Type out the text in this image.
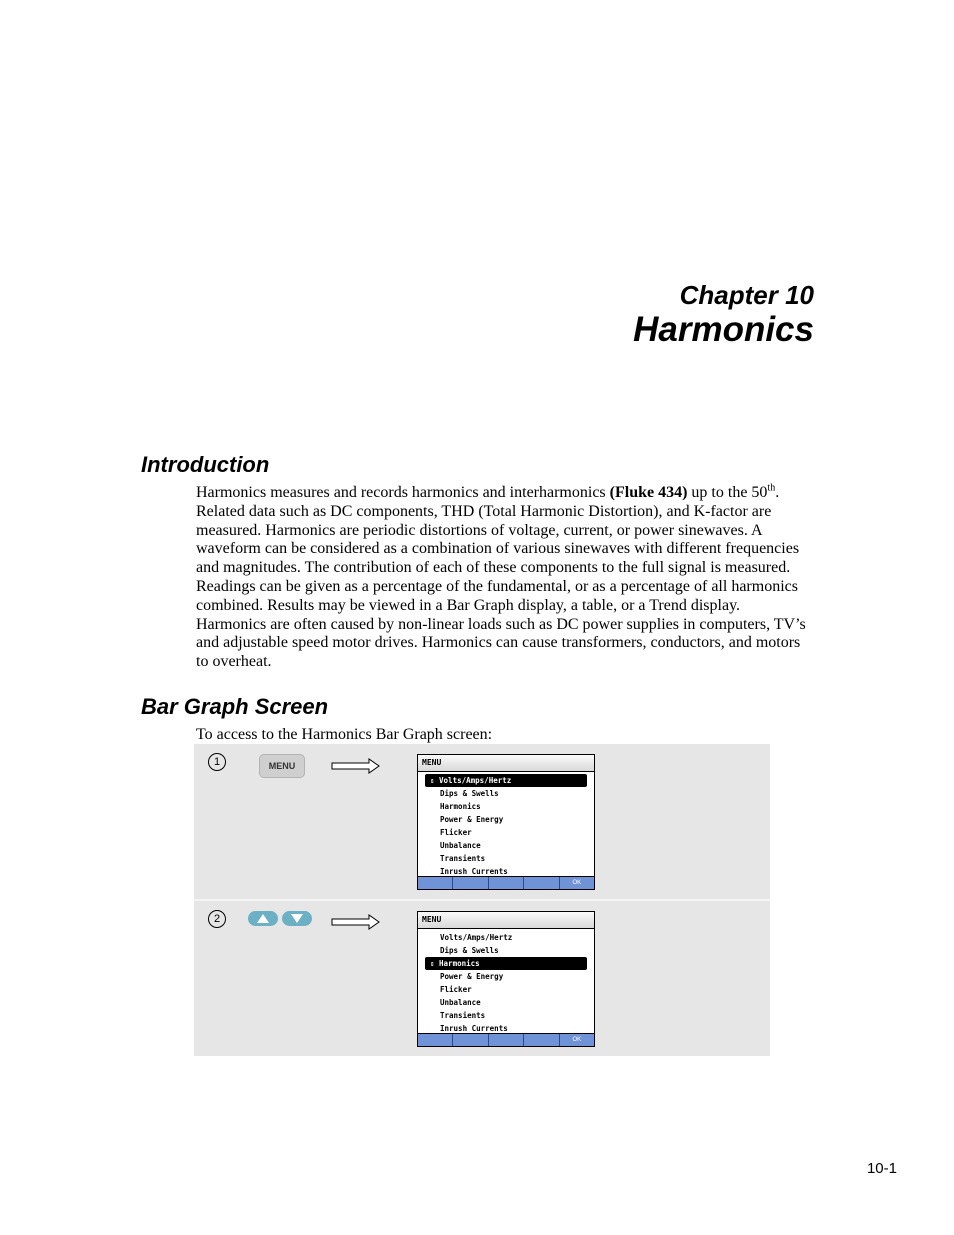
Chapter 10
Harmonics
Introduction
Harmonics measures and records harmonics and interharmonics (Fluke 434) up to the 50th. Related data such as DC components, THD (Total Harmonic Distortion), and K-factor are measured. Harmonics are periodic distortions of voltage, current, or power sinewaves. A waveform can be considered as a combination of various sinewaves with different frequencies and magnitudes. The contribution of each of these components to the full signal is measured. Readings can be given as a percentage of the fundamental, or as a percentage of all harmonics combined. Results may be viewed in a Bar Graph display, a table, or a Trend display. Harmonics are often caused by non-linear loads such as DC power supplies in computers, TV’s and adjustable speed motor drives. Harmonics can cause transformers, conductors, and motors to overheat.
Bar Graph Screen
To access to the Harmonics Bar Graph screen:
1	MENU	MENU
⇕ Volts/Amps/Hertz
Dips & Swells
Harmonics
Power & Energy
Flicker
Unbalance
Transients
Inrush Currents
OK
2	MENU
Volts/Amps/Hertz
Dips & Swells
⇕ Harmonics
Power & Energy
Flicker
Unbalance
Transients
Inrush Currents
OK
10-1
